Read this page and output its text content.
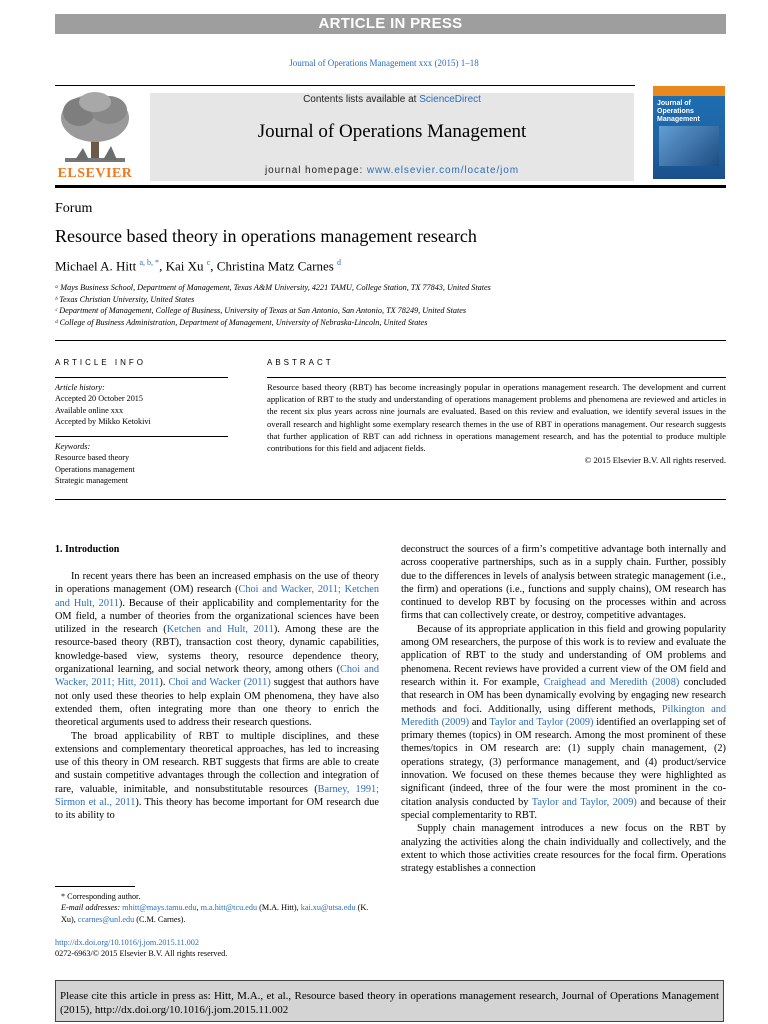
ARTICLE IN PRESS
Journal of Operations Management xxx (2015) 1–18
ELSEVIER
Contents lists available at ScienceDirect
Journal of Operations Management
journal homepage: www.elsevier.com/locate/jom
Journal of Operations Management
Forum
Resource based theory in operations management research
Michael A. Hitt $^{a, b, *}$, Kai Xu $^c$, Christina Matz Carnes $^d$
ᵃ Mays Business School, Department of Management, Texas A&M University, 4221 TAMU, College Station, TX 77843, United States
ᵇ Texas Christian University, United States
ᶜ Department of Management, College of Business, University of Texas at San Antonio, San Antonio, TX 78249, United States
ᵈ College of Business Administration, Department of Management, University of Nebraska-Lincoln, United States
ARTICLE INFO
Article history:
Accepted 20 October 2015
Available online xxx
Accepted by Mikko Ketokivi
Keywords:
Resource based theory
Operations management
Strategic management
ABSTRACT
Resource based theory (RBT) has become increasingly popular in operations management research. The development and current application of RBT to the study and understanding of operations management problems and phenomena are reviewed and articles in the recent six plus years across nine journals are evaluated. Based on this review and evaluation, we identify several issues in the overall research and highlight some exemplary research themes in the use of RBT in operations management. Our research suggests that further application of RBT can add richness in operations management research, and has the potential to produce multiple contributions for this field and adjacent fields.
© 2015 Elsevier B.V. All rights reserved.
1. Introduction

In recent years there has been an increased emphasis on the use of theory in operations management (OM) research (Choi and Wacker, 2011; Ketchen and Hult, 2011). Because of their applicability and complementarity for the OM field, a number of theories from the organizational sciences have been utilized in the research (Ketchen and Hult, 2011). Among these are the resource-based theory (RBT), transaction cost theory, dynamic capabilities, knowledge-based view, systems theory, resource dependence theory, organizational learning, and social network theory, among others (Choi and Wacker, 2011; Hitt, 2011). Choi and Wacker (2011) suggest that authors have not only used these theories to help explain OM phenomena, they have also extended them, often integrating more than one theory to enrich the theoretical arguments used to address their research questions.

The broad applicability of RBT to multiple disciplines, and these extensions and complementary theoretical approaches, has led to increasing use of this theory in OM research. RBT suggests that firms are able to create and sustain competitive advantages through the collection and integration of rare, valuable, inimitable, and nonsubstitutable resources (Barney, 1991; Sirmon et al., 2011). This theory has become important for OM research due to its ability to

deconstruct the sources of a firm’s competitive advantage both internally and across cooperative partnerships, such as in a supply chain. Further, possibly due to the differences in levels of analysis between strategic management (i.e., the firm) and operations (i.e., functions and supply chains), OM research has continued to develop RBT by focusing on the processes within and across firms that can collectively create, or destroy, competitive advantages.

Because of its appropriate application in this field and growing popularity among OM researchers, the purpose of this work is to review and evaluate the application of RBT to the study and understanding of OM problems and phenomena. Recent reviews have provided a current view of the OM field and research within it. For example, Craighead and Meredith (2008) concluded that research in OM has been dynamically evolving by engaging new research methods and foci. Additionally, using different methods, Pilkington and Meredith (2009) and Taylor and Taylor (2009) identified an overlapping set of primary themes (topics) in OM research. Among the most prominent of these themes/topics in OM research are: (1) supply chain management, (2) operations strategy, (3) performance management, and (4) product/service innovation. We focused on these themes because they were highlighted as significant (indeed, three of the four were the most prominent in the co-citation analysis conducted by Taylor and Taylor, 2009) and because of their special complementarity to RBT.

Supply chain management introduces a new focus on the RBT by analyzing the activities along the chain individually and collectively, and the extent to which those activities create resources for the focal firm. Operations strategy establishes a connection

* Corresponding author.
E-mail addresses: mhitt@mays.tamu.edu, m.a.hitt@tcu.edu (M.A. Hitt), kai.xu@utsa.edu (K. Xu), ccarnes@unl.edu (C.M. Carnes).
http://dx.doi.org/10.1016/j.jom.2015.11.002
0272-6963/© 2015 Elsevier B.V. All rights reserved.
Please cite this article in press as: Hitt, M.A., et al., Resource based theory in operations management research, Journal of Operations Management (2015), http://dx.doi.org/10.1016/j.jom.2015.11.002
